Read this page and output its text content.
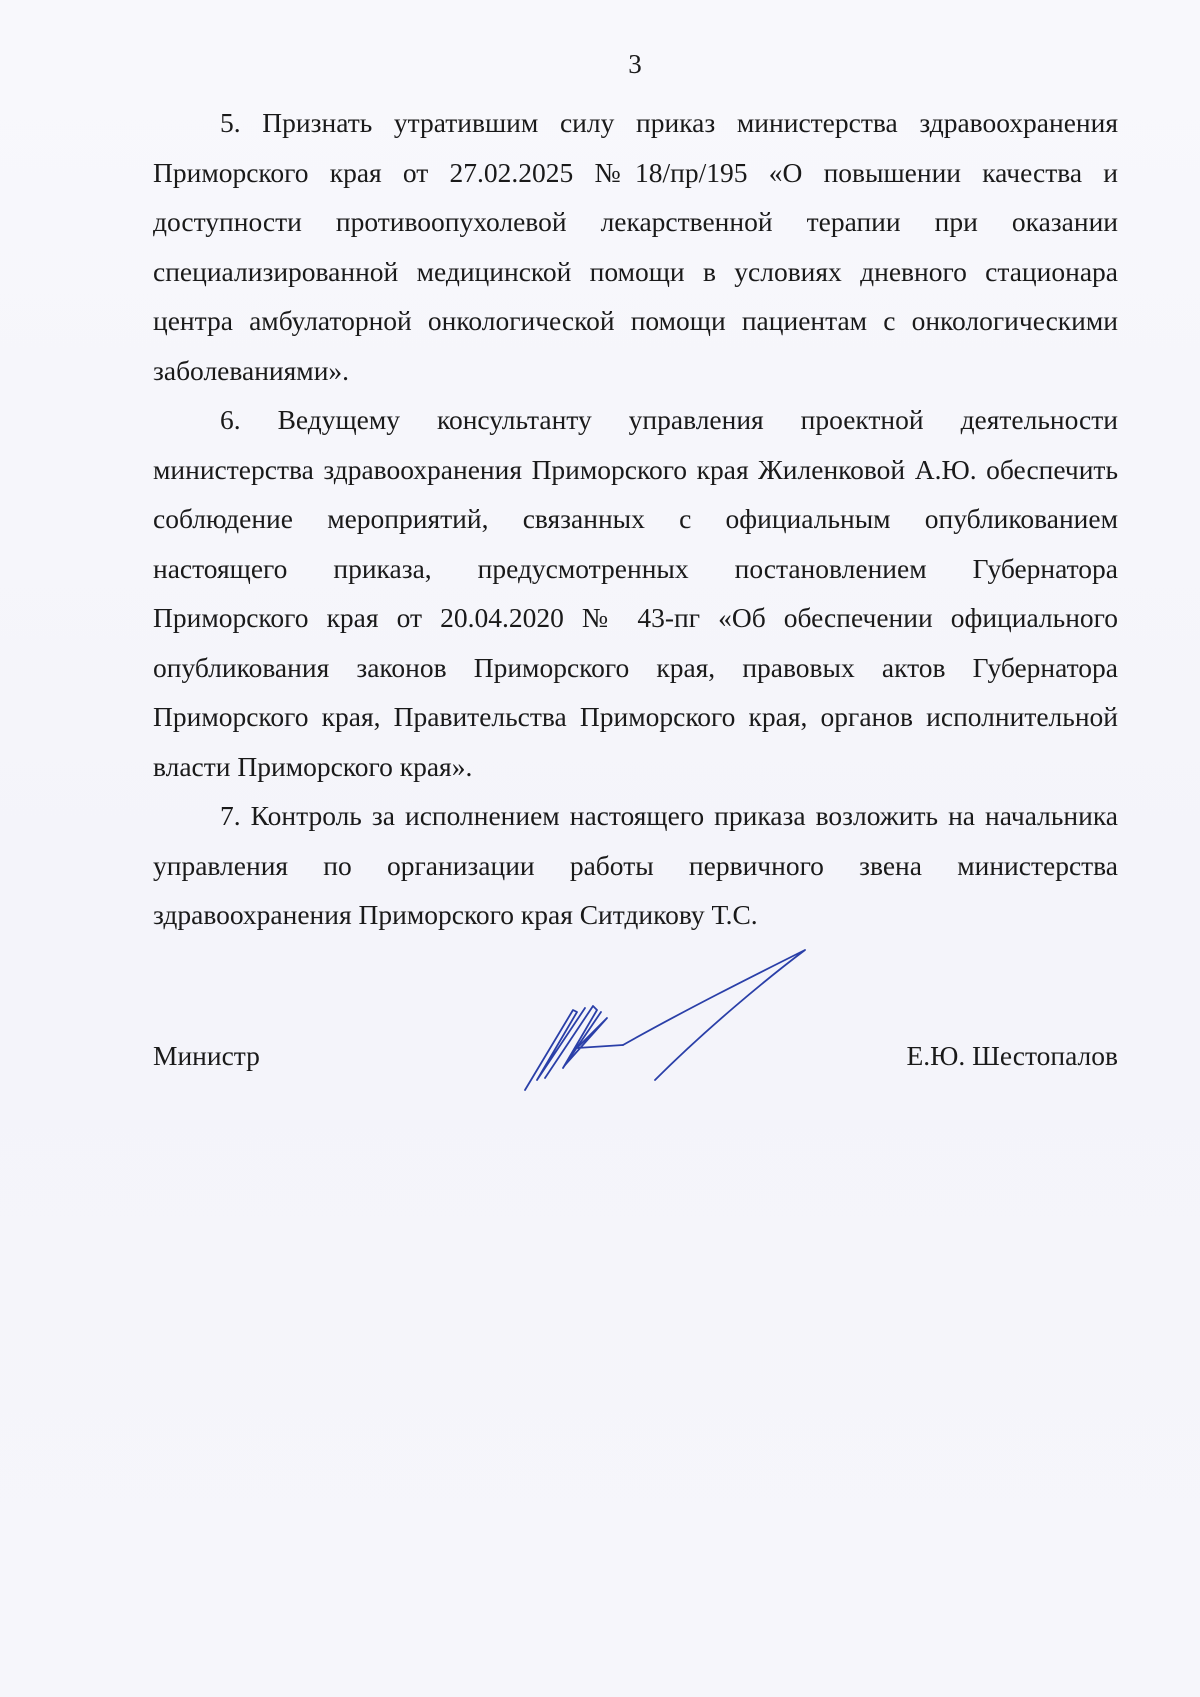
3

5. Признать утратившим силу приказ министерства здравоохранения Приморского края от 27.02.2025 №18/пр/195 «О повышении качества и доступности противоопухолевой лекарственной терапии при оказании специализированной медицинской помощи в условиях дневного стационара центра амбулаторной онкологической помощи пациентам с онкологическими заболеваниями».

6. Ведущему консультанту управления проектной деятельности министерства здравоохранения Приморского края Жиленковой А.Ю. обеспечить соблюдение мероприятий, связанных с официальным опубликованием настоящего приказа, предусмотренных постановлением Губернатора Приморского края от 20.04.2020 № 43-пг «Об обеспечении официального опубликования законов Приморского края, правовых актов Губернатора Приморского края, Правительства Приморского края, органов исполнительной власти Приморского края».

7. Контроль за исполнением настоящего приказа возложить на начальника управления по организации работы первичного звена министерства здравоохранения Приморского края Ситдикову Т.С.

Министр	Е.Ю. Шестопалов
